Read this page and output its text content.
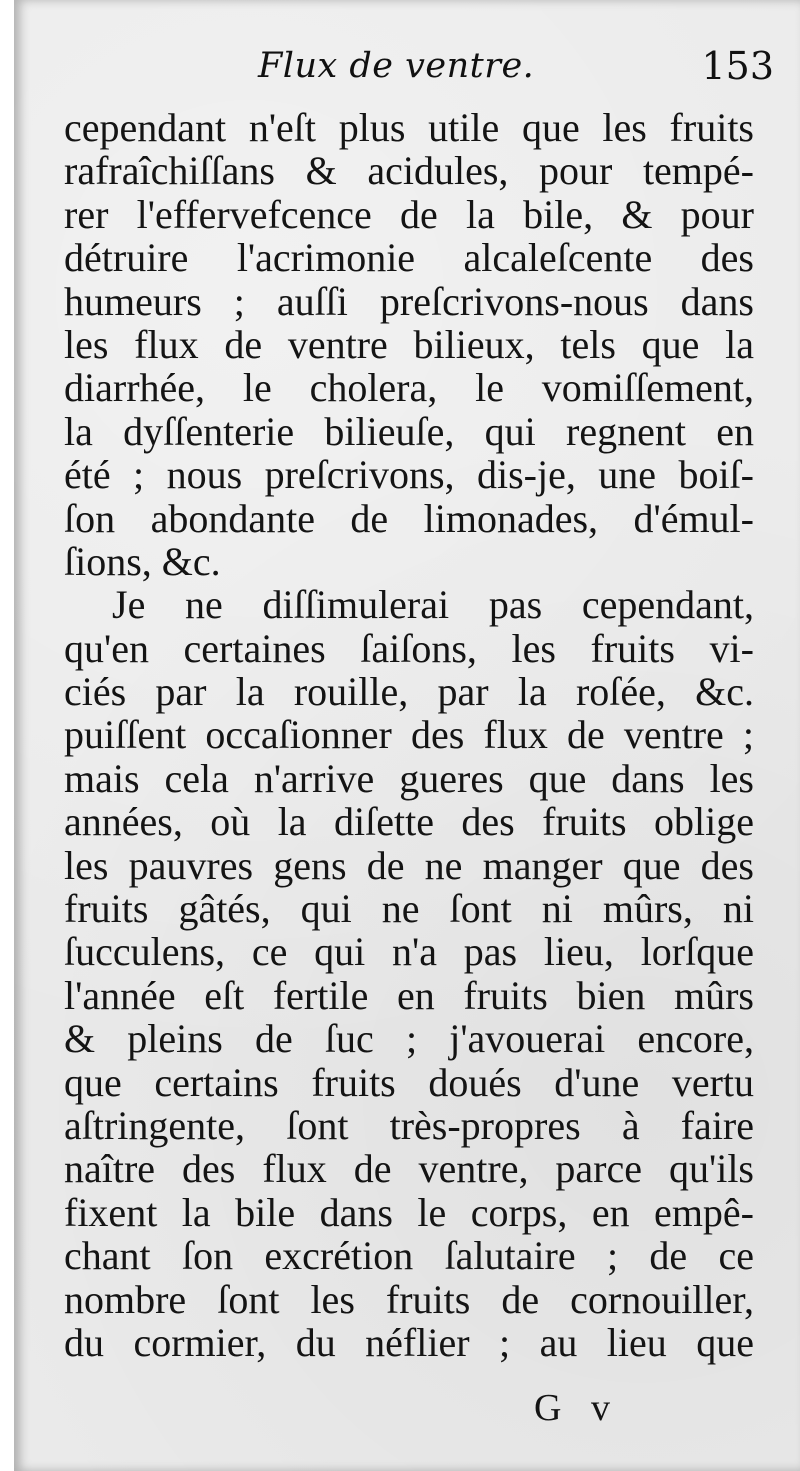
Flux de ventre.	153
cependant n'eſt plus utile que les fruits
rafraîchiſſans & acidules, pour tempé-
rer l'effervefcence de la bile, & pour
détruire l'acrimonie alcaleſcente des
humeurs ; auſſi preſcrivons-nous dans
les flux de ventre bilieux, tels que la
diarrhée, le cholera, le vomiſſement,
la dyſſenterie bilieuſe, qui regnent en
été ; nous preſcrivons, dis-je, une boiſ-
ſon abondante de limonades, d'émul-
ſions, &c.
Je ne diſſimulerai pas cependant,
qu'en certaines ſaiſons, les fruits vi-
ciés par la rouille, par la roſée, &c.
puiſſent occaſionner des flux de ventre ;
mais cela n'arrive gueres que dans les
années, où la diſette des fruits oblige
les pauvres gens de ne manger que des
fruits gâtés, qui ne ſont ni mûrs, ni
ſucculens, ce qui n'a pas lieu, lorſque
l'année eſt fertile en fruits bien mûrs
& pleins de ſuc ; j'avouerai encore,
que certains fruits doués d'une vertu
aſtringente, ſont très-propres à faire
naître des flux de ventre, parce qu'ils
fixent la bile dans le corps, en empê-
chant ſon excrétion ſalutaire ; de ce
nombre ſont les fruits de cornouiller,
du cormier, du néflier ; au lieu que
G v
